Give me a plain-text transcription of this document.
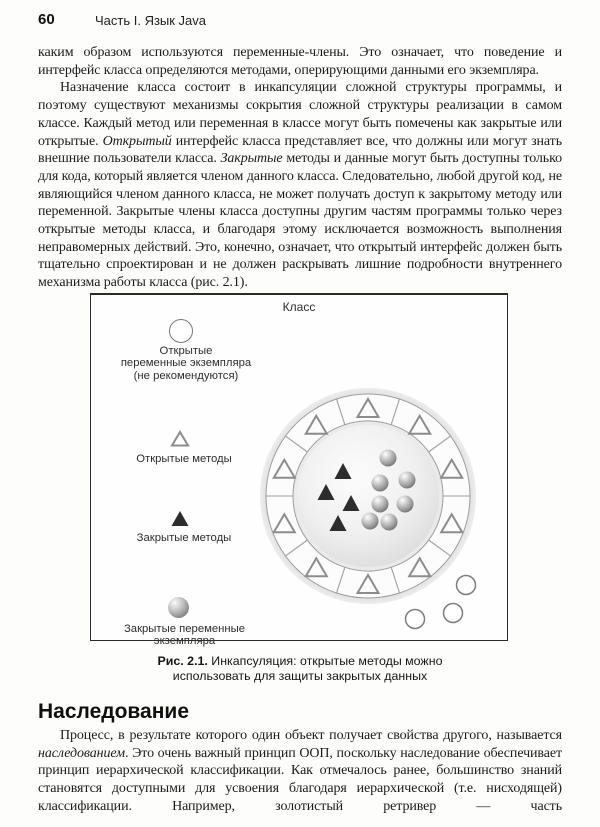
60	Часть I. Язык Java

каким образом используются переменные-члены. Это означает, что поведение и интерфейс класса определяются методами, оперирующими данными его экземпляра.

Назначение класса состоит в инкапсуляции сложной структуры программы, и поэтому существуют механизмы сокрытия сложной структуры реализации в самом классе. Каждый метод или переменная в классе могут быть помечены как закрытые или открытые. Открытый интерфейс класса представляет все, что должны или могут знать внешние пользователи класса. Закрытые методы и данные могут быть доступны только для кода, который является членом данного класса. Следовательно, любой другой код, не являющийся членом данного класса, не может получать доступ к закрытому методу или переменной. Закрытые члены класса доступны другим частям программы только через открытые методы класса, и благодаря этому исключается возможность выполнения неправомерных действий. Это, конечно, означает, что открытый интерфейс должен быть тщательно спроектирован и не должен раскрывать лишние подробности внутреннего механизма работы класса (рис. 2.1).

Класс
Открытые
переменные экземпляра
(не рекомендуются)
Открытые методы
Закрытые методы
Закрытые переменные экземпляра
Рис. 2.1. Инкапсуляция: открытые методы можно
использовать для защиты закрытых данных
Наследование

Процесс, в результате которого один объект получает свойства другого, называется наследованием. Это очень важный принцип ООП, поскольку наследование обеспечивает принцип иерархической классификации. Как отмечалось ранее, большинство знаний становятся доступными для усвоения благодаря иерархической (т.е. нисходящей) классификации. Например, золотистый ретривер — часть
